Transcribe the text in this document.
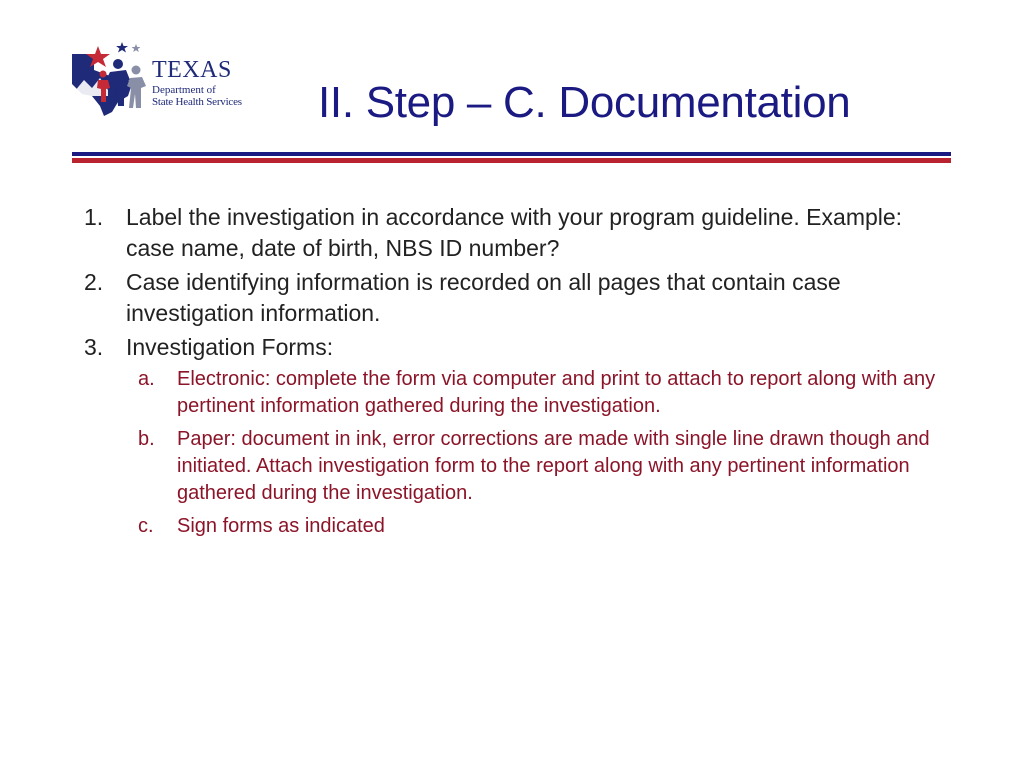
TEXAS
Department of
State Health Services II. Step – C. Documentation
1. Label the investigation in accordance with your program guideline. Example: case name, date of birth, NBS ID number?
2. Case identifying information is recorded on all pages that contain case investigation information.
3. Investigation Forms:
a. Electronic: complete the form via computer and print to attach to report along with any pertinent information gathered during the investigation.
b. Paper: document in ink, error corrections are made with single line drawn though and initiated. Attach investigation form to the report along with any pertinent information gathered during the investigation.
c. Sign forms as indicated
